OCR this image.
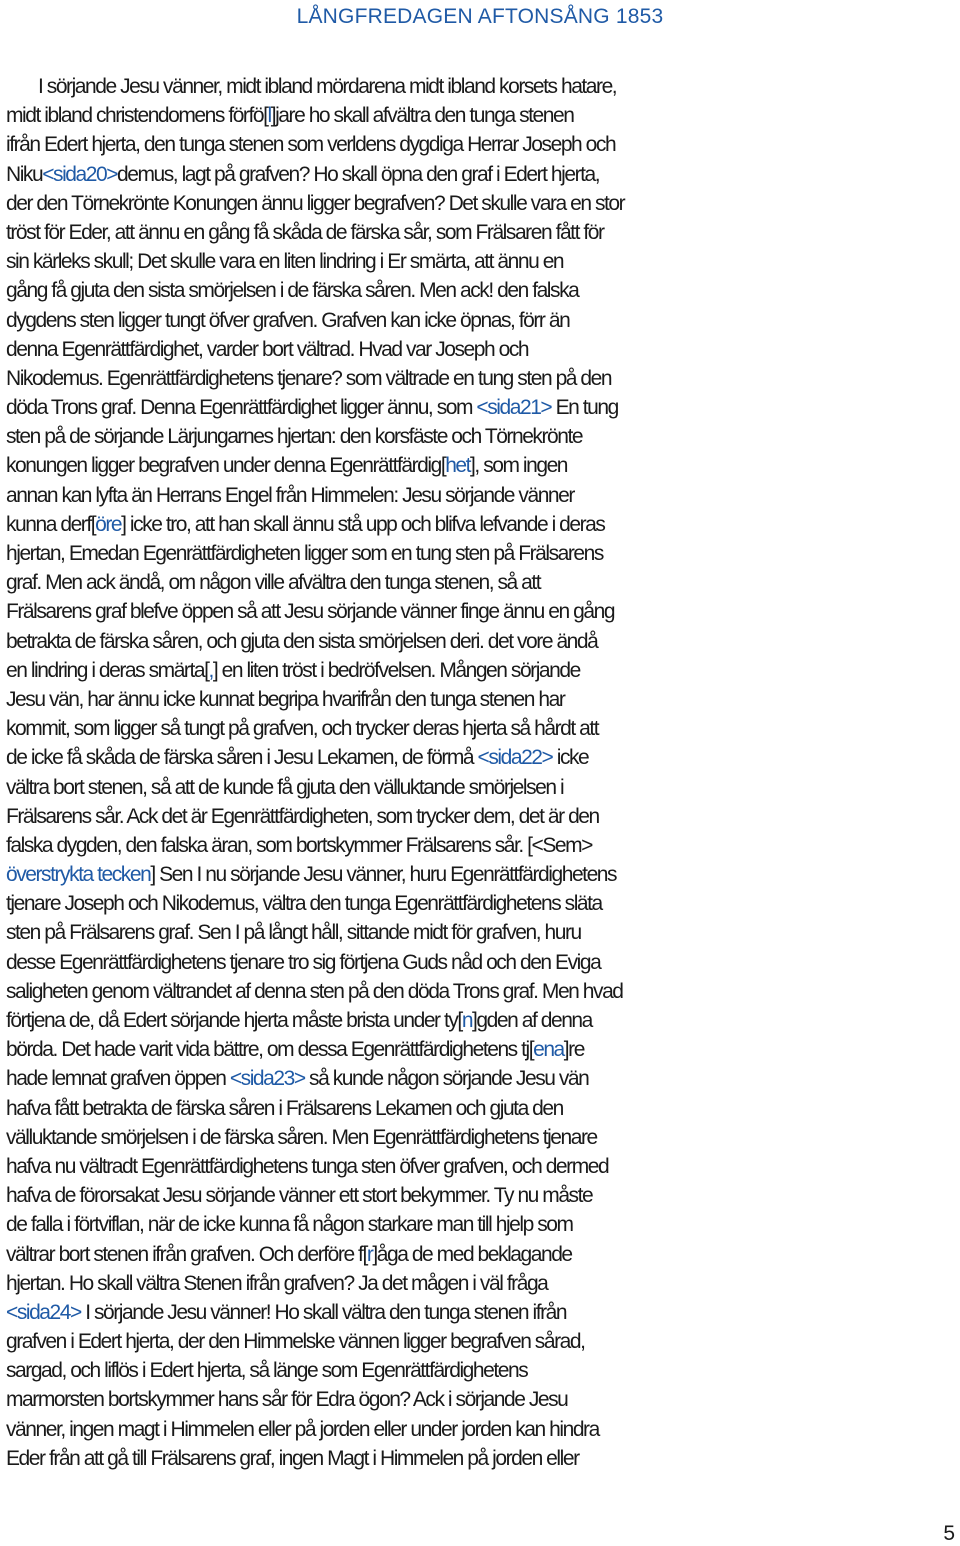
LÅNGFREDAGEN AFTONSÅNG 1853
I sörjande Jesu vänner, midt ibland mördarena midt ibland korsets hatare,
midt ibland christendomens förfö[l]jare ho skall afvältra den tunga stenen
ifrån Edert hjerta, den tunga stenen som verldens dygdiga Herrar Joseph och
Niku<sida20>demus, lagt på grafven? Ho skall öpna den graf i Edert hjerta,
der den Törnekrönte Konungen ännu ligger begrafven? Det skulle vara en stor
tröst för Eder, att ännu en gång få skåda de färska sår, som Frälsaren fått för
sin kärleks skull; Det skulle vara en liten lindring i Er smärta, att ännu en
gång få gjuta den sista smörjelsen i de färska såren. Men ack! den falska
dygdens sten ligger tungt öfver grafven. Grafven kan icke öpnas, förr än
denna Egenrättfärdighet, varder bort vältrad. Hvad var Joseph och
Nikodemus. Egenrättfärdighetens tjenare? som vältrade en tung sten på den
döda Trons graf. Denna Egenrättfärdighet ligger ännu, som <sida21> En tung
sten på de sörjande Lärjungarnes hjertan: den korsfäste och Törnekrönte
konungen ligger begrafven under denna Egenrättfärdig[het], som ingen
annan kan lyfta än Herrans Engel från Himmelen: Jesu sörjande vänner
kunna derf[öre] icke tro, att han skall ännu stå upp och blifva lefvande i deras
hjertan, Emedan Egenrättfärdigheten ligger som en tung sten på Frälsarens
graf. Men ack ändå, om någon ville afvältra den tunga stenen, så att
Frälsarens graf blefve öppen så att Jesu sörjande vänner finge ännu en gång
betrakta de färska såren, och gjuta den sista smörjelsen deri. det vore ändå
en lindring i deras smärta[,] en liten tröst i bedröfvelsen. Mången sörjande
Jesu vän, har ännu icke kunnat begripa hvarifrån den tunga stenen har
kommit, som ligger så tungt på grafven, och trycker deras hjerta så hårdt att
de icke få skåda de färska såren i Jesu Lekamen, de förmå <sida22> icke
vältra bort stenen, så att de kunde få gjuta den välluktande smörjelsen i
Frälsarens sår. Ack det är Egenrättfärdigheten, som trycker dem, det är den
falska dygden, den falska äran, som bortskymmer Frälsarens sår. [<Sem>
överstrykta tecken] Sen I nu sörjande Jesu vänner, huru Egenrättfärdighetens
tjenare Joseph och Nikodemus, vältra den tunga Egenrättfärdighetens släta
sten på Frälsarens graf. Sen I på långt håll, sittande midt för grafven, huru
desse Egenrättfärdighetens tjenare tro sig förtjena Guds nåd och den Eviga
saligheten genom vältrandet af denna sten på den döda Trons graf. Men hvad
förtjena de, då Edert sörjande hjerta måste brista under ty[n]gden af denna
börda. Det hade varit vida bättre, om dessa Egenrättfärdighetens tj[ena]re
hade lemnat grafven öppen <sida23> så kunde någon sörjande Jesu vän
hafva fått betrakta de färska såren i Frälsarens Lekamen och gjuta den
välluktande smörjelsen i de färska såren. Men Egenrättfärdighetens tjenare
hafva nu vältradt Egenrättfärdighetens tunga sten öfver grafven, och dermed
hafva de förorsakat Jesu sörjande vänner ett stort bekymmer. Ty nu måste
de falla i förtviflan, när de icke kunna få någon starkare man till hjelp som
vältrar bort stenen ifrån grafven. Och derföre f[r]åga de med beklagande
hjertan. Ho skall vältra Stenen ifrån grafven? Ja det mågen i väl fråga
<sida24> I sörjande Jesu vänner! Ho skall vältra den tunga stenen ifrån
grafven i Edert hjerta, der den Himmelske vännen ligger begrafven sårad,
sargad, och liflös i Edert hjerta, så länge som Egenrättfärdighetens
marmorsten bortskymmer hans sår för Edra ögon? Ack i sörjande Jesu
vänner, ingen magt i Himmelen eller på jorden eller under jorden kan hindra
Eder från att gå till Frälsarens graf, ingen Magt i Himmelen på jorden eller
5
